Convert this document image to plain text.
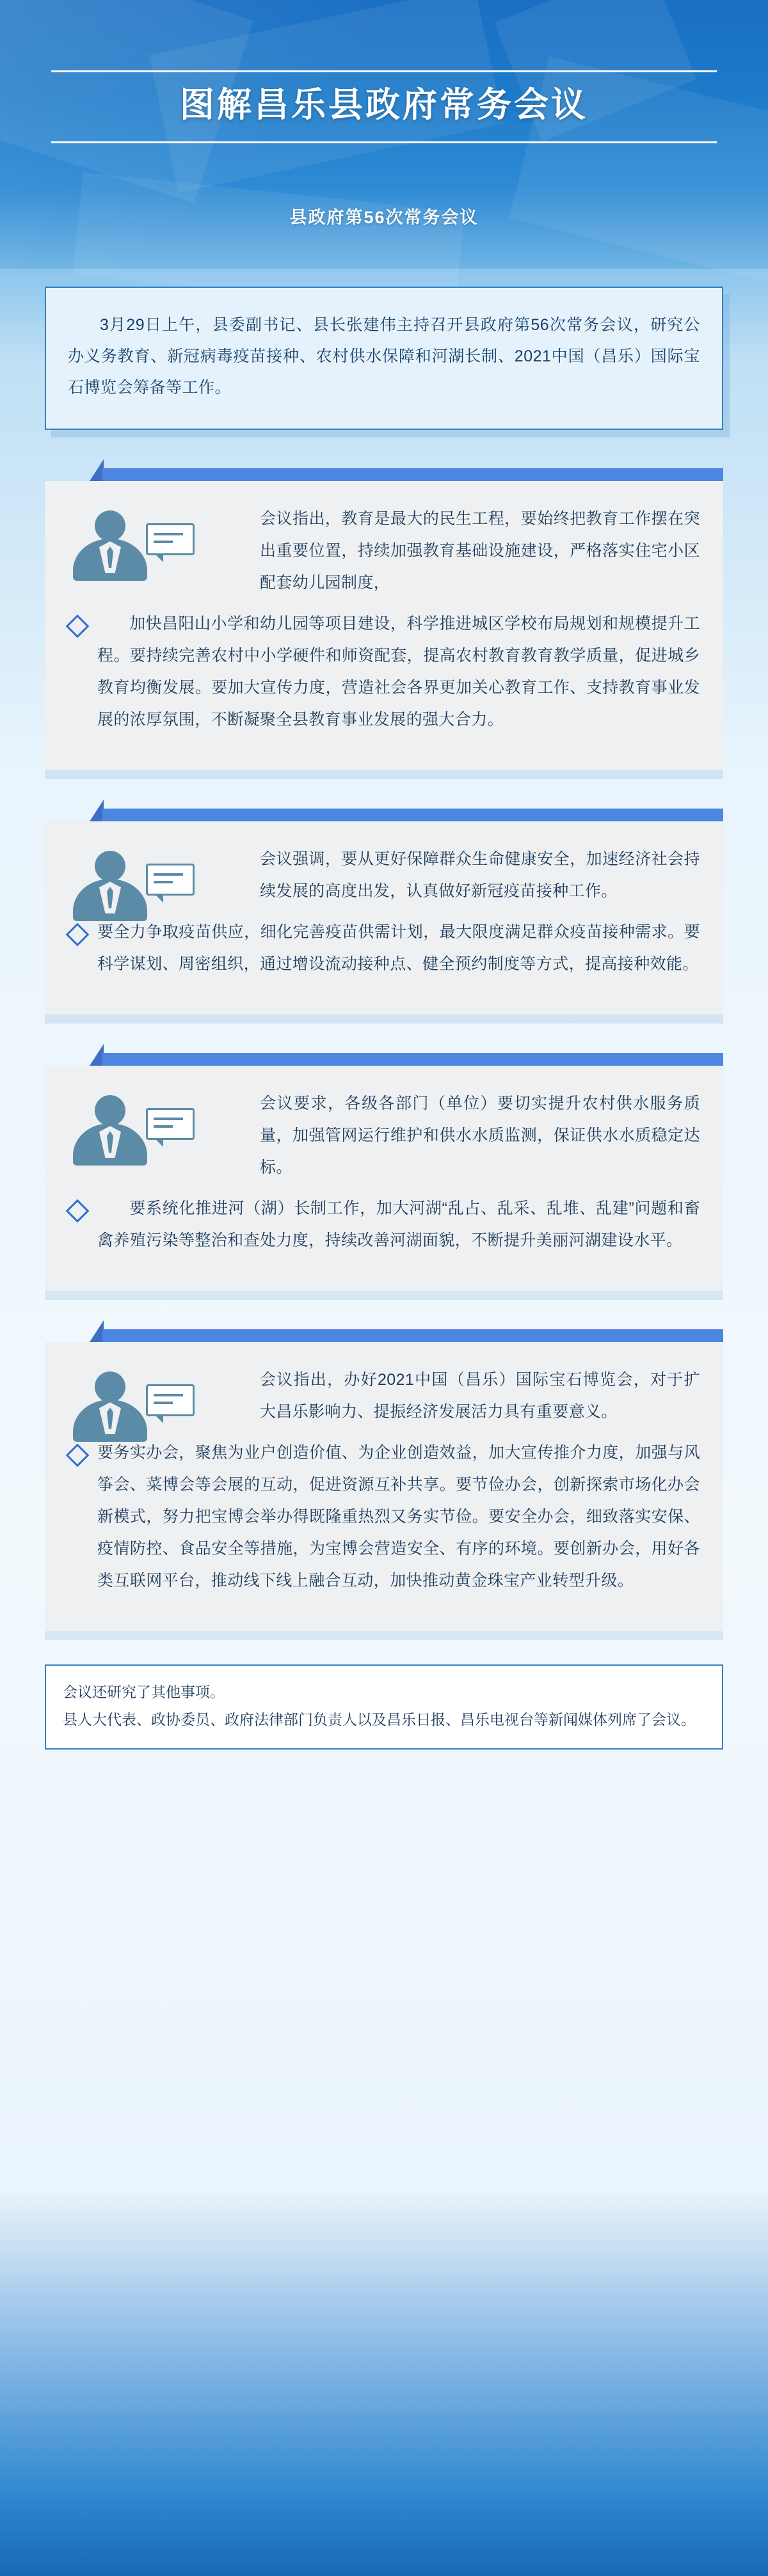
图解昌乐县政府常务会议
县政府第56次常务会议
3月29日上午，县委副书记、县长张建伟主持召开县政府第56次常务会议，研究公办义务教育、新冠病毒疫苗接种、农村供水保障和河湖长制、2021中国（昌乐）国际宝石博览会筹备等工作。

会议指出，教育是最大的民生工程，要始终把教育工作摆在突出重要位置，持续加强教育基础设施建设，严格落实住宅小区配套幼儿园制度，

加快昌阳山小学和幼儿园等项目建设，科学推进城区学校布局规划和规模提升工程。要持续完善农村中小学硬件和师资配套，提高农村教育教育教学质量，促进城乡教育均衡发展。要加大宣传力度，营造社会各界更加关心教育工作、支持教育事业发展的浓厚氛围，不断凝聚全县教育事业发展的强大合力。

会议强调，要从更好保障群众生命健康安全，加速经济社会持续发展的高度出发，认真做好新冠疫苗接种工作。

要全力争取疫苗供应，细化完善疫苗供需计划，最大限度满足群众疫苗接种需求。要科学谋划、周密组织，通过增设流动接种点、健全预约制度等方式，提高接种效能。

会议要求，各级各部门（单位）要切实提升农村供水服务质量，加强管网运行维护和供水水质监测，保证供水水质稳定达标。

要系统化推进河（湖）长制工作，加大河湖“乱占、乱采、乱堆、乱建”问题和畜禽养殖污染等整治和查处力度，持续改善河湖面貌，不断提升美丽河湖建设水平。

会议指出，办好2021中国（昌乐）国际宝石博览会，对于扩大昌乐影响力、提振经济发展活力具有重要意义。

要务实办会，聚焦为业户创造价值、为企业创造效益，加大宣传推介力度，加强与风筝会、菜博会等会展的互动，促进资源互补共享。要节俭办会，创新探索市场化办会新模式，努力把宝博会举办得既隆重热烈又务实节俭。要安全办会，细致落实安保、疫情防控、食品安全等措施，为宝博会营造安全、有序的环境。要创新办会，用好各类互联网平台，推动线下线上融合互动，加快推动黄金珠宝产业转型升级。

会议还研究了其他事项。
县人大代表、政协委员、政府法律部门负责人以及昌乐日报、昌乐电视台等新闻媒体列席了会议。
